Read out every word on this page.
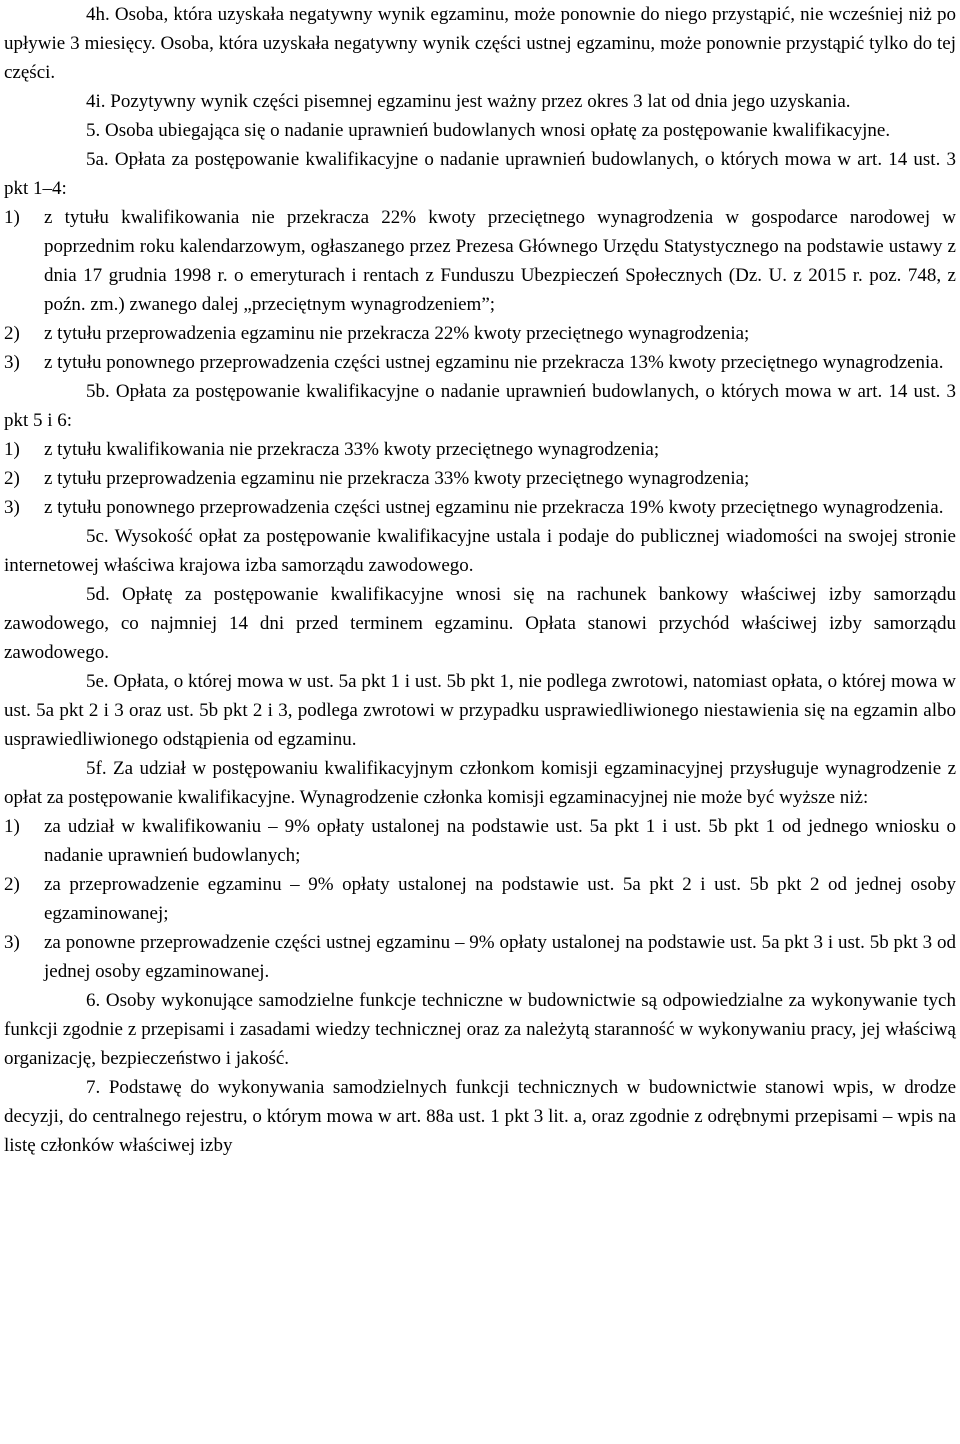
4h. Osoba, która uzyskała negatywny wynik egzaminu, może ponownie do niego przystąpić, nie wcześniej niż po upływie 3 miesięcy. Osoba, która uzyskała negatywny wynik części ustnej egzaminu, może ponownie przystąpić tylko do tej części.

4i. Pozytywny wynik części pisemnej egzaminu jest ważny przez okres 3 lat od dnia jego uzyskania.

5. Osoba ubiegająca się o nadanie uprawnień budowlanych wnosi opłatę za postępowanie kwalifikacyjne.

5a. Opłata za postępowanie kwalifikacyjne o nadanie uprawnień budowlanych, o których mowa w art. 14 ust. 3 pkt 1–4:

1)	z tytułu kwalifikowania nie przekracza 22% kwoty przeciętnego wynagrodzenia w gospodarce narodowej w poprzednim roku kalendarzowym, ogłaszanego przez Prezesa Głównego Urzędu Statystycznego na podstawie ustawy z dnia 17 grudnia 1998 r. o emeryturach i rentach z Funduszu Ubezpieczeń Społecznych (Dz. U. z 2015 r. poz. 748, z poźn. zm.) zwanego dalej „przeciętnym wynagrodzeniem”;
2)	z tytułu przeprowadzenia egzaminu nie przekracza 22% kwoty przeciętnego wynagrodzenia;
3)	z tytułu ponownego przeprowadzenia części ustnej egzaminu nie przekracza 13% kwoty przeciętnego wynagrodzenia.

5b. Opłata za postępowanie kwalifikacyjne o nadanie uprawnień budowlanych, o których mowa w art. 14 ust. 3 pkt 5 i 6:

1)	z tytułu kwalifikowania nie przekracza 33% kwoty przeciętnego wynagrodzenia;
2)	z tytułu przeprowadzenia egzaminu nie przekracza 33% kwoty przeciętnego wynagrodzenia;
3)	z tytułu ponownego przeprowadzenia części ustnej egzaminu nie przekracza 19% kwoty przeciętnego wynagrodzenia.

5c. Wysokość opłat za postępowanie kwalifikacyjne ustala i podaje do publicznej wiadomości na swojej stronie internetowej właściwa krajowa izba samorządu zawodowego.

5d. Opłatę za postępowanie kwalifikacyjne wnosi się na rachunek bankowy właściwej izby samorządu zawodowego, co najmniej 14 dni przed terminem egzaminu. Opłata stanowi przychód właściwej izby samorządu zawodowego.

5e. Opłata, o której mowa w ust. 5a pkt 1 i ust. 5b pkt 1, nie podlega zwrotowi, natomiast opłata, o której mowa w ust. 5a pkt 2 i 3 oraz ust. 5b pkt 2 i 3, podlega zwrotowi w przypadku usprawiedliwionego niestawienia się na egzamin albo usprawiedliwionego odstąpienia od egzaminu.

5f. Za udział w postępowaniu kwalifikacyjnym członkom komisji egzaminacyjnej przysługuje wynagrodzenie z opłat za postępowanie kwalifikacyjne. Wynagrodzenie członka komisji egzaminacyjnej nie może być wyższe niż:

1)	za udział w kwalifikowaniu – 9% opłaty ustalonej na podstawie ust. 5a pkt 1 i ust. 5b pkt 1 od jednego wniosku o nadanie uprawnień budowlanych;
2)	za przeprowadzenie egzaminu – 9% opłaty ustalonej na podstawie ust. 5a pkt 2 i ust. 5b pkt 2 od jednej osoby egzaminowanej;
3)	za ponowne przeprowadzenie części ustnej egzaminu – 9% opłaty ustalonej na podstawie ust. 5a pkt 3 i ust. 5b pkt 3 od jednej osoby egzaminowanej.

6. Osoby wykonujące samodzielne funkcje techniczne w budownictwie są odpowiedzialne za wykonywanie tych funkcji zgodnie z przepisami i zasadami wiedzy technicznej oraz za należytą staranność w wykonywaniu pracy, jej właściwą organizację, bezpieczeństwo i jakość.

7. Podstawę do wykonywania samodzielnych funkcji technicznych w budownictwie stanowi wpis, w drodze decyzji, do centralnego rejestru, o którym mowa w art. 88a ust. 1 pkt 3 lit. a, oraz zgodnie z odrębnymi przepisami – wpis na listę członków właściwej izby
